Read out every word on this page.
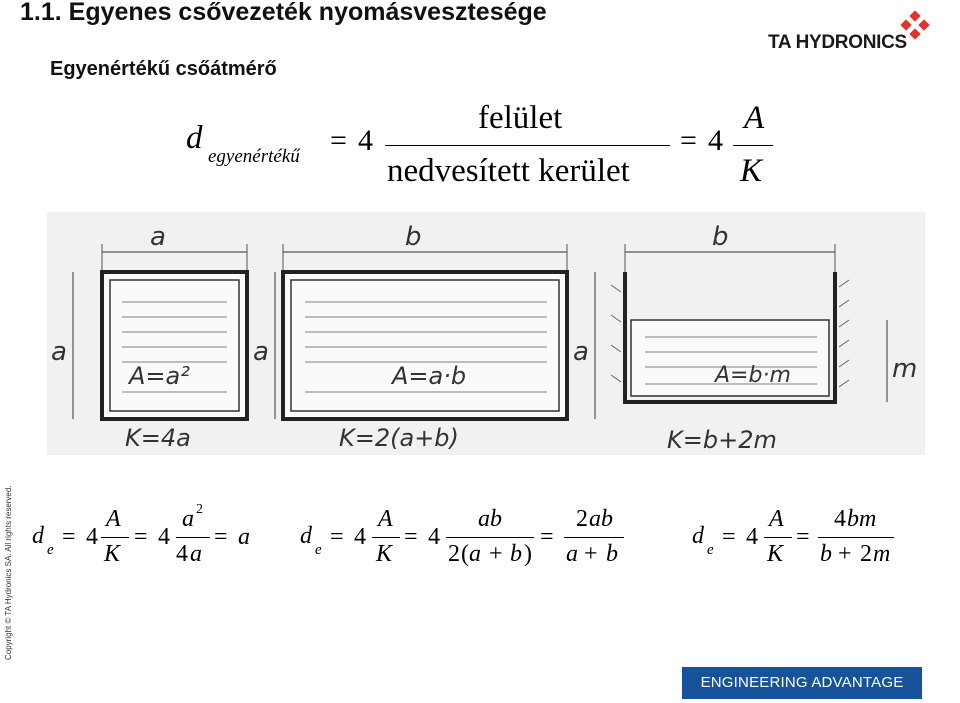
1.1. Egyenes csővezeték nyomásvesztesége
Egyenértékű csőátmérő
TA HYDRONICS
d
egyenértékű = 4
felület
nedvesített kerület
= 4
A
K
a
a
A=a²
K=4a
b
a
A=a·b
K=2(a+b)
b
a
m
A=b·m
K=b+2m
d
e = 4
A
K
= 4
a 2
4 a
= a d
e = 4
A
K
= 4
ab
2 ( a + b )
=
2 ab
a + b
d
e = 4
A
K
=
4 bm
b + 2 m
Copyright © TA Hydronics SA. All rights reserved.
ENGINEERING ADVANTAGE
